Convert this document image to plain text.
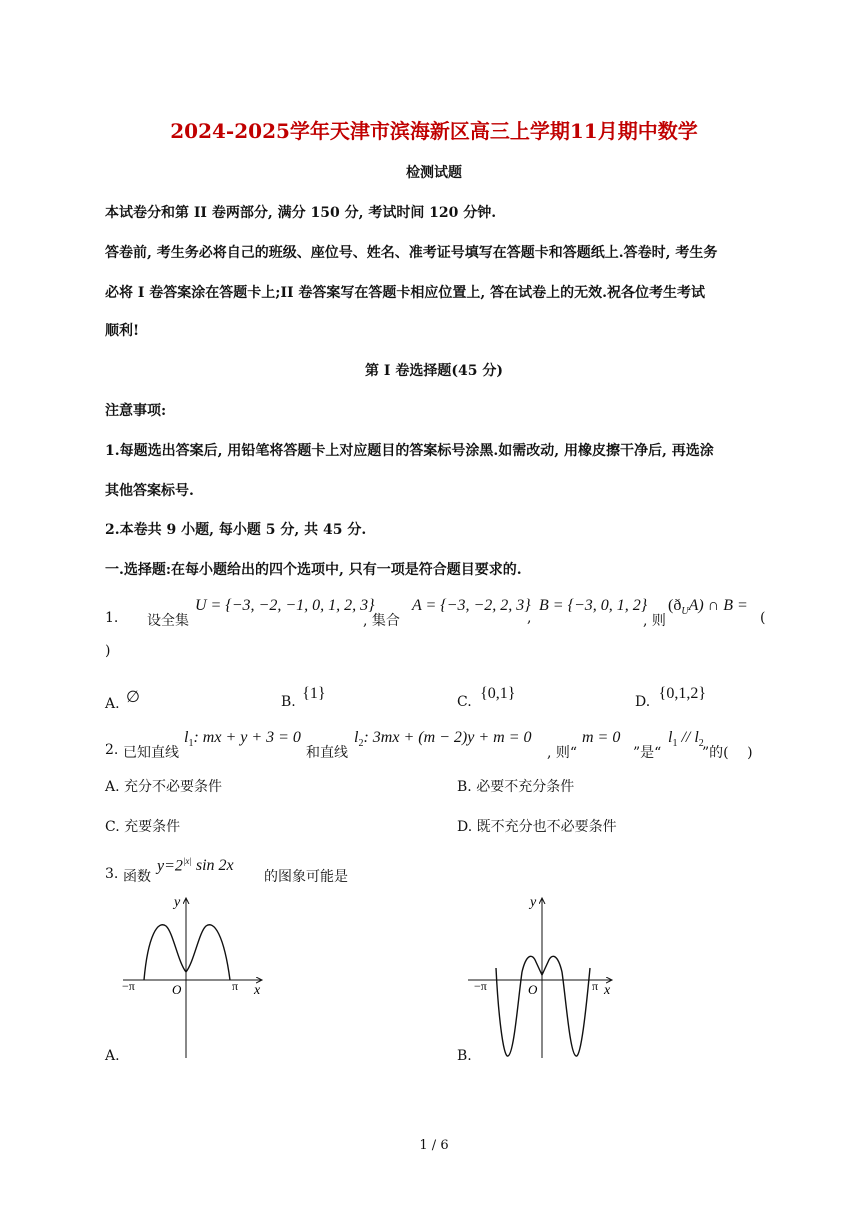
2024-2025学年天津市滨海新区高三上学期11月期中数学
检测试题
本试卷分和第 II 卷两部分, 满分 150 分, 考试时间 120 分钟.
答卷前, 考生务必将自己的班级、座位号、姓名、准考证号填写在答题卡和答题纸上.答卷时, 考生务
必将 I 卷答案涂在答题卡上;II 卷答案写在答题卡相应位置上, 答在试卷上的无效.祝各位考生考试
顺利!
第 I 卷选择题(45 分)
注意事项:
1.每题选出答案后, 用铅笔将答题卡上对应题目的答案标号涂黑.如需改动, 用橡皮擦干净后, 再选涂
其他答案标号.
2.本卷共 9 小题, 每小题 5 分, 共 45 分.
一.选择题:在每小题给出的四个选项中, 只有一项是符合题目要求的.
1. 设全集
U = {−3, −2, −1, 0, 1, 2, 3}
, 集合
A = {−3, −2, 2, 3}
,
B = {−3, 0, 1, 2}
, 则
$(ð_UA)$ ∩ B =
(
)
A. ∅	B. {1}	C. {0,1}	D. {0,1,2}
2. 已知直线
$l_1$: mx + y + 3 = 0
和直线
$l_2$: 3mx + (m − 2)y + m = 0
, 则“
m = 0
”是“
$l_1 // l_2$
”的(　 )
A. 充分不必要条件	B. 必要不充分条件
C. 充要条件	D. 既不充分也不必要条件
3. 函数
$y=2^{|x|}$ sin 2x
的图象可能是
A.
y
x
O
−π	π
B.
y
x
O
−π	π
1 / 6
